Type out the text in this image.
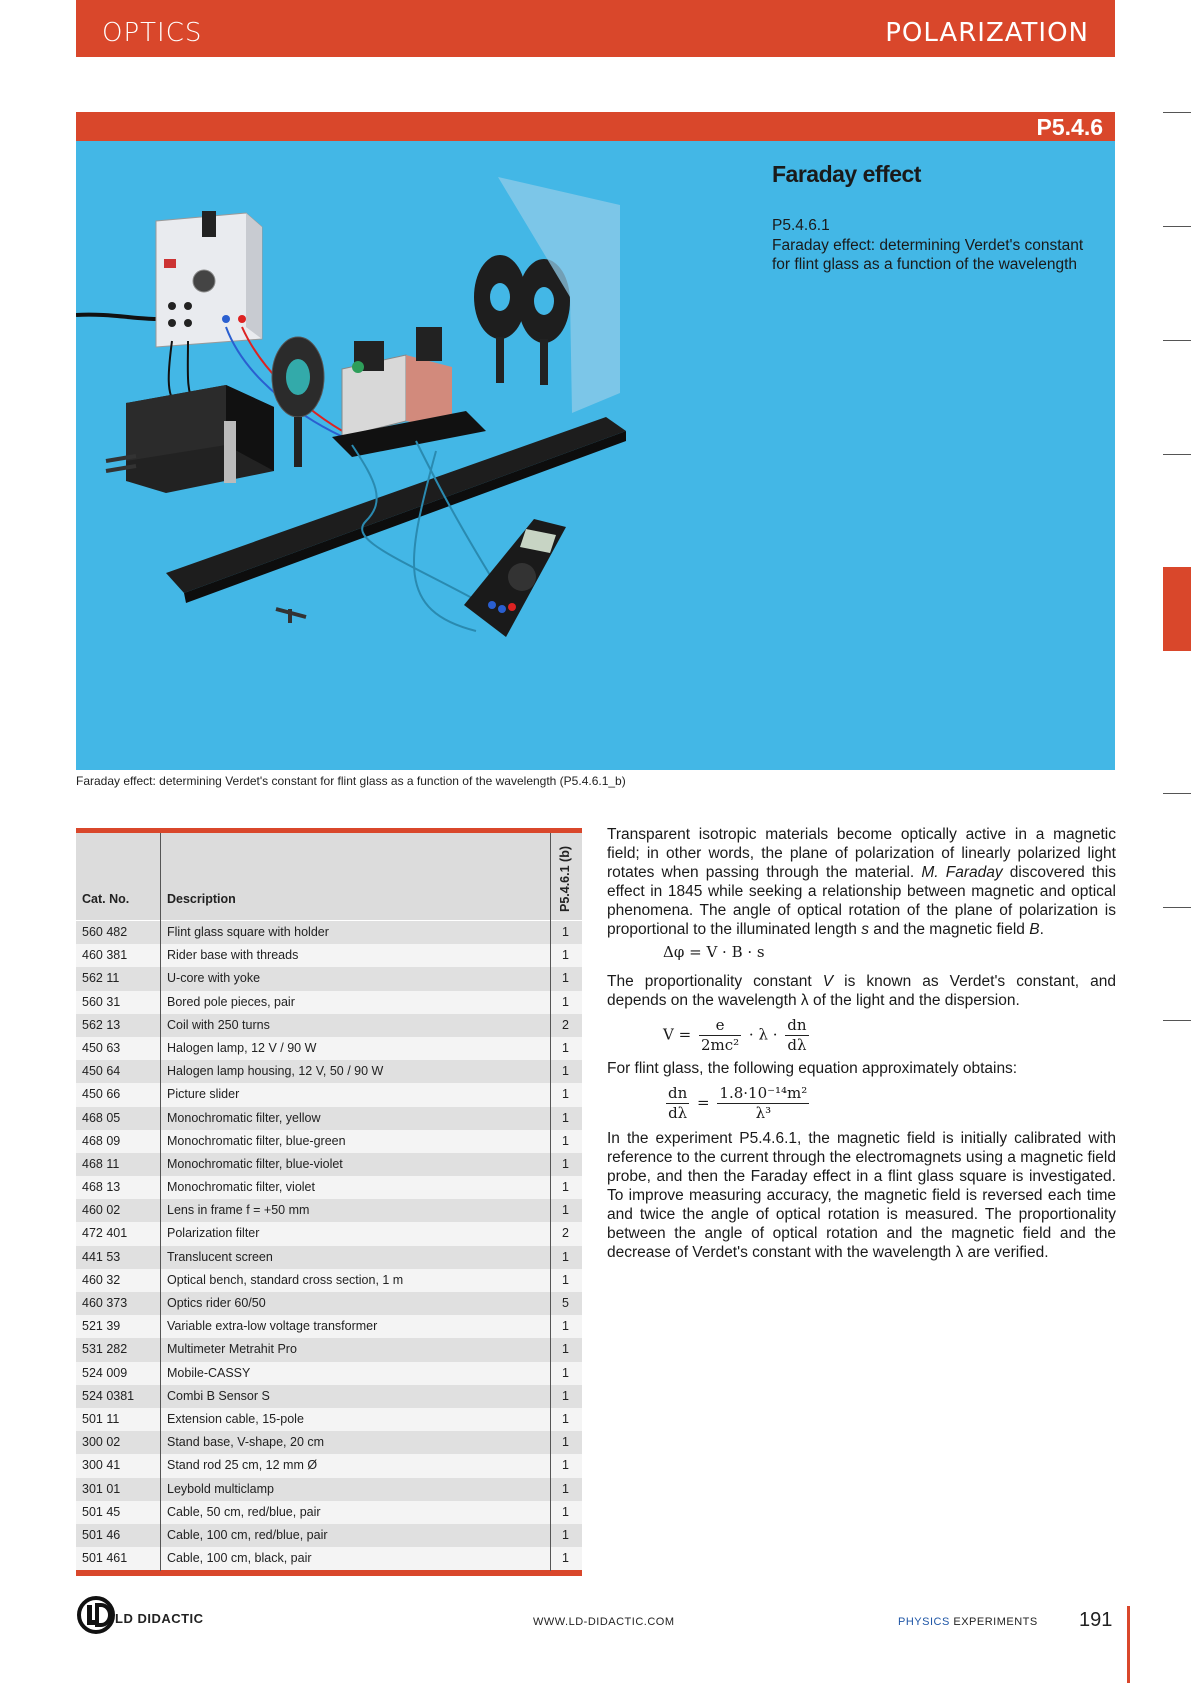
OPTICS	POLARIZATION
P5.4.6
Faraday effect
P5.4.6.1
Faraday effect: determining Verdet's constant for flint glass as a function of the wavelength
Faraday effect: determining Verdet's constant for flint glass as a function of the wavelength (P5.4.6.1_b)
Cat. No.	Description	P5.4.6.1 (b)
560 482	Flint glass square with holder	1
460 381	Rider base with threads	1
562 11	U-core with yoke	1
560 31	Bored pole pieces, pair	1
562 13	Coil with 250 turns	2
450 63	Halogen lamp, 12 V / 90 W	1
450 64	Halogen lamp housing, 12 V, 50 / 90 W	1
450 66	Picture slider	1
468 05	Monochromatic filter, yellow	1
468 09	Monochromatic filter, blue-green	1
468 11	Monochromatic filter, blue-violet	1
468 13	Monochromatic filter, violet	1
460 02	Lens in frame f = +50 mm	1
472 401	Polarization filter	2
441 53	Translucent screen	1
460 32	Optical bench, standard cross section, 1 m	1
460 373	Optics rider 60/50	5
521 39	Variable extra-low voltage transformer	1
531 282	Multimeter Metrahit Pro	1
524 009	Mobile-CASSY	1
524 0381	Combi B Sensor S	1
501 11	Extension cable, 15-pole	1
300 02	Stand base, V-shape, 20 cm	1
300 41	Stand rod 25 cm, 12 mm Ø	1
301 01	Leybold multiclamp	1
501 45	Cable, 50 cm, red/blue, pair	1
501 46	Cable, 100 cm, red/blue, pair	1
501 461	Cable, 100 cm, black, pair	1

Transparent isotropic materials become optically active in a magnetic field; in other words, the plane of polarization of linearly polarized light rotates when passing through the material. M. Faraday discovered this effect in 1845 while seeking a relationship between magnetic and optical phenomena. The angle of optical rotation of the plane of polarization is proportional to the illuminated length s and the magnetic field B.

Δφ = V · B · s

The proportionality constant V is known as Verdet's constant, and depends on the wavelength λ of the light and the dispersion.

$V = \frac{e}{\text{2mc²}} \cdot \lambda \cdot \frac{dn}{d\lambda}$

For flint glass, the following equation approximately obtains:

$\frac{dn}{d\lambda} = \frac{\text{1.8·10⁻¹⁴m²}}{\text{λ³}}$

In the experiment P5.4.6.1, the magnetic field is initially calibrated with reference to the current through the electromagnets using a magnetic field probe, and then the Faraday effect in a flint glass square is investigated. To improve measuring accuracy, the magnetic field is reversed each time and twice the angle of optical rotation is measured. The proportionality between the angle of optical rotation and the magnetic field and the decrease of Verdet's constant with the wavelength λ are verified.

LD DIDACTIC	WWW.LD-DIDACTIC.COM	PHYSICS EXPERIMENTS 191
